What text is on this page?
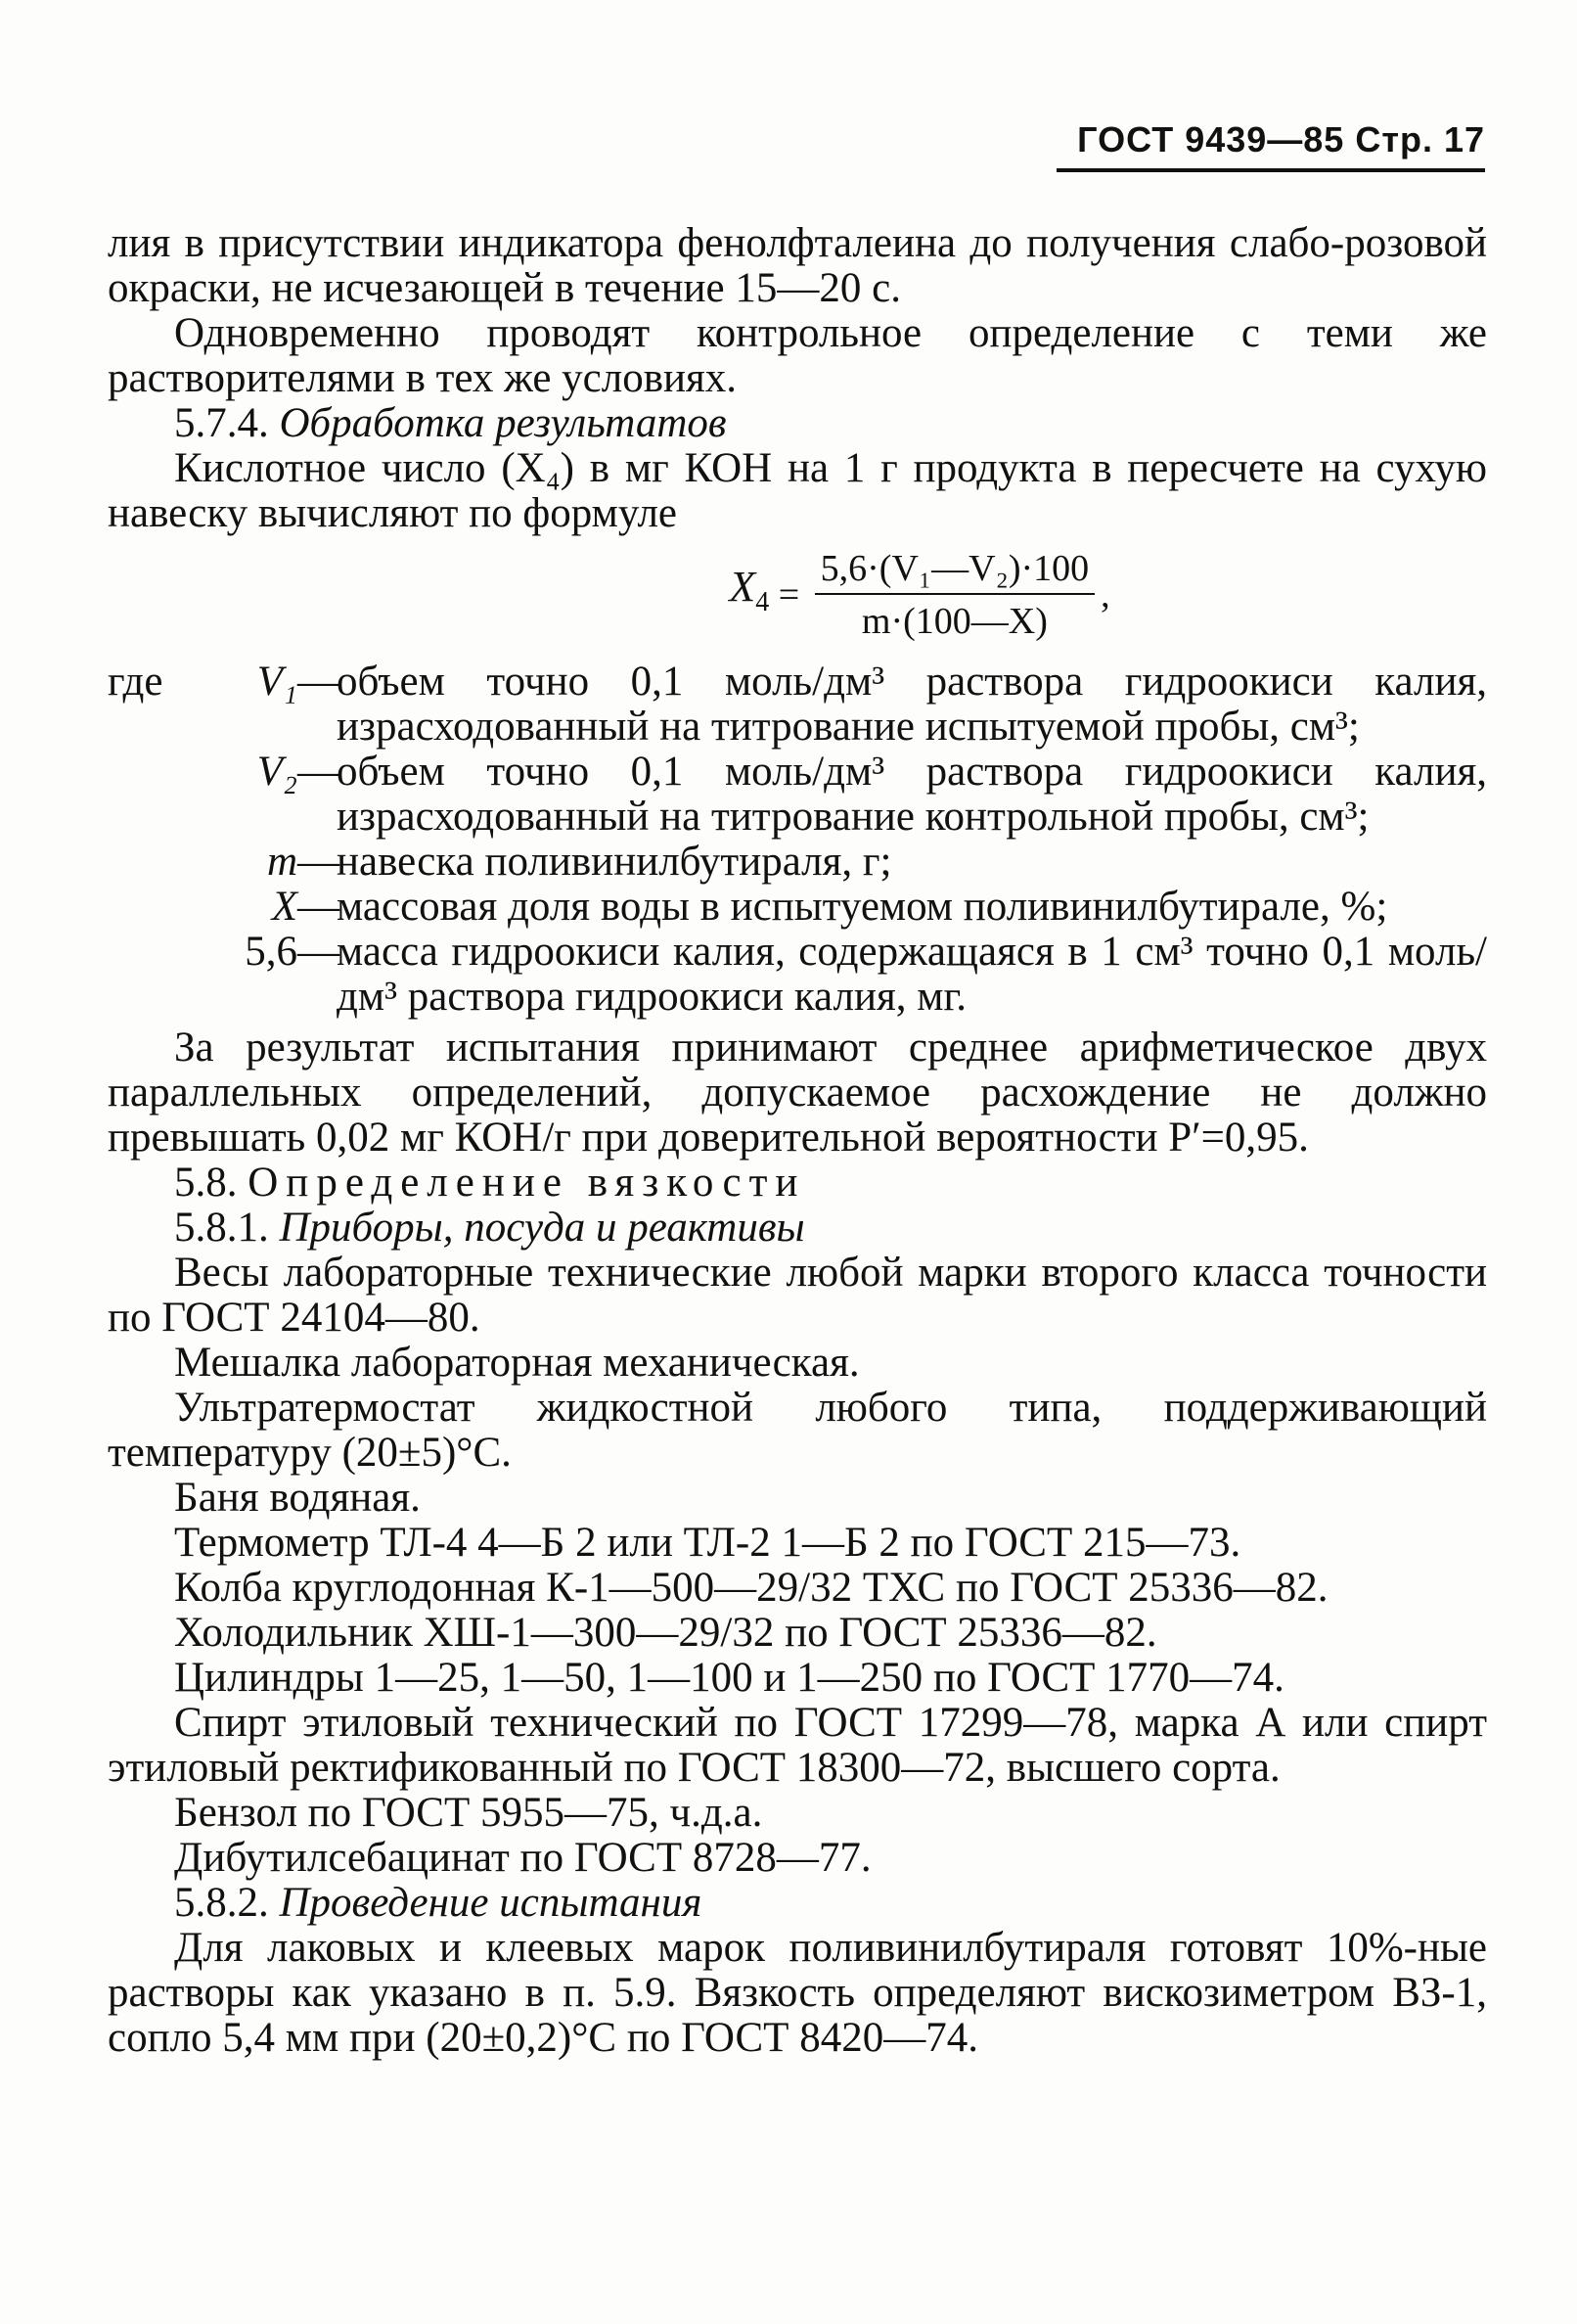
ГОСТ 9439—85 Стр. 17

лия в присутствии индикатора фенолфталеина до получения слабо-розовой окраски, не исчезающей в течение 15—20 с.

Одновременно проводят контрольное определение с теми же растворителями в тех же условиях.

5.7.4. Обработка результатов

Кислотное число (X₄) в мг КОН на 1 г продукта в пересчете на сухую навеску вычисляют по формуле

$X_4 = \frac{\text{5,6·(V₁—V₂)·100}}{m\cdot(100—X)}$ ,
где V₁ —
объем точно 0,1 моль/дм³ раствора гидроокиси калия, израсходованный на титрование испытуемой пробы, см³;
V₂ —
объем точно 0,1 моль/дм³ раствора гидроокиси калия, израсходованный на титрование контрольной пробы, см³;
m —
навеска поливинилбутираля, г;
X —
массовая доля воды в испытуемом поливинилбутирале, %;
5,6 —
масса гидроокиси калия, содержащаяся в 1 см³ точно 0,1 моль/дм³ раствора гидроокиси калия, мг.

За результат испытания принимают среднее арифметическое двух параллельных определений, допускаемое расхождение не должно превышать 0,02 мг КОН/г при доверительной вероятности P′=0,95.

5.8. Определение вязкости

5.8.1. Приборы, посуда и реактивы

Весы лабораторные технические любой марки второго класса точности по ГОСТ 24104—80.

Мешалка лабораторная механическая.

Ультратермостат жидкостной любого типа, поддерживающий температуру (20±5)°С.

Баня водяная.

Термометр ТЛ-4 4—Б 2 или ТЛ-2 1—Б 2 по ГОСТ 215—73.

Колба круглодонная К-1—500—29/32 ТХС по ГОСТ 25336—82.

Холодильник ХШ-1—300—29/32 по ГОСТ 25336—82.

Цилиндры 1—25, 1—50, 1—100 и 1—250 по ГОСТ 1770—74.

Спирт этиловый технический по ГОСТ 17299—78, марка А или спирт этиловый ректификованный по ГОСТ 18300—72, высшего сорта.

Бензол по ГОСТ 5955—75, ч.д.а.

Дибутилсебацинат по ГОСТ 8728—77.

5.8.2. Проведение испытания

Для лаковых и клеевых марок поливинилбутираля готовят 10%-ные растворы как указано в п. 5.9. Вязкость определяют вискозиметром ВЗ-1, сопло 5,4 мм при (20±0,2)°С по ГОСТ 8420—74.
